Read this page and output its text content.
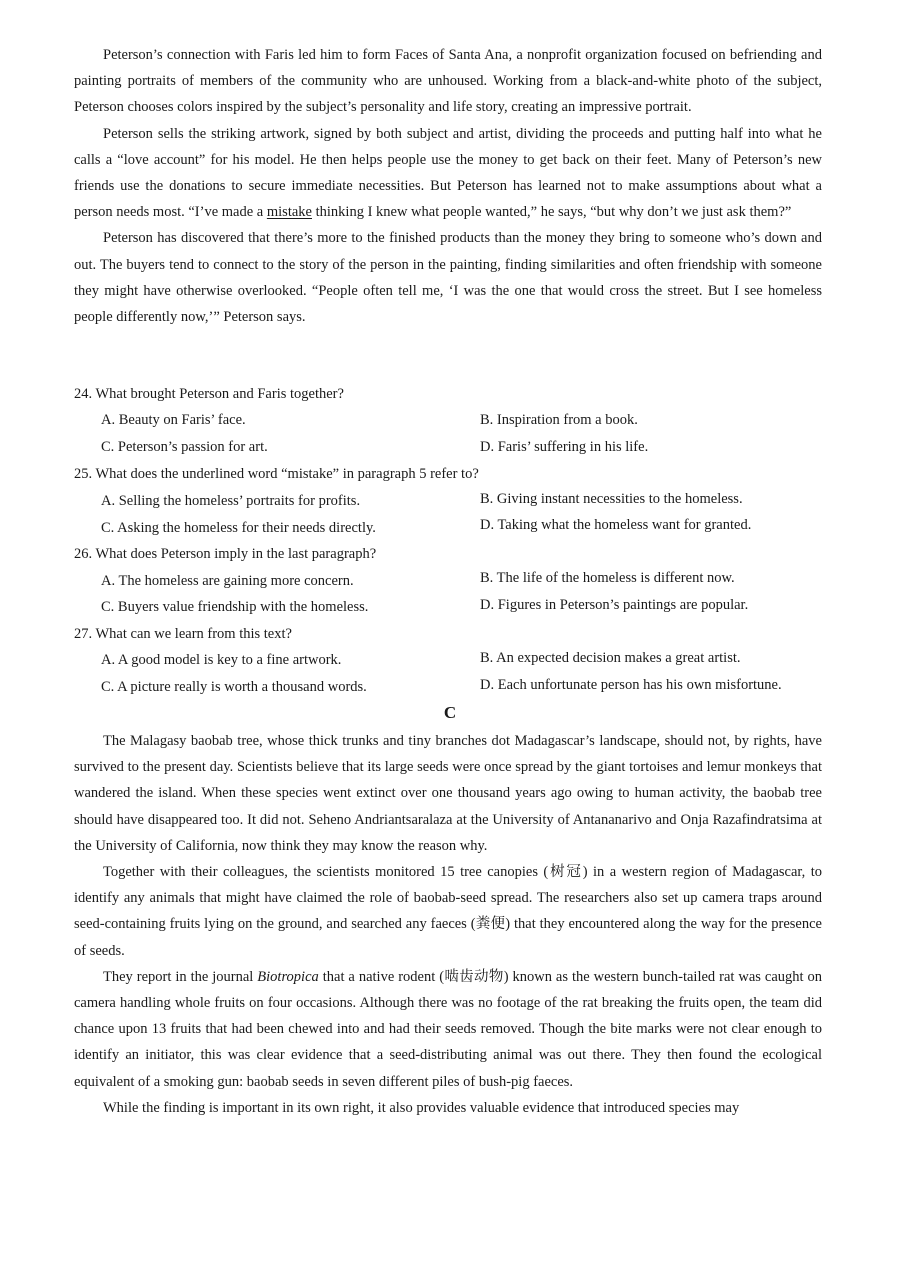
Peterson’s connection with Faris led him to form Faces of Santa Ana, a nonprofit organization focused on befriending and painting portraits of members of the community who are unhoused. Working from a black-and-white photo of the subject, Peterson chooses colors inspired by the subject’s personality and life story, creating an impressive portrait.

Peterson sells the striking artwork, signed by both subject and artist, dividing the proceeds and putting half into what he calls a “love account” for his model. He then helps people use the money to get back on their feet. Many of Peterson’s new friends use the donations to secure immediate necessities. But Peterson has learned not to make assumptions about what a person needs most. “I’ve made a mistake thinking I knew what people wanted,” he says, “but why don’t we just ask them?”

Peterson has discovered that there’s more to the finished products than the money they bring to someone who’s down and out. The buyers tend to connect to the story of the person in the painting, finding similarities and often friendship with someone they might have otherwise overlooked. “People often tell me, ‘I was the one that would cross the street. But I see homeless people differently now,’” Peterson says.

24. What brought Peterson and Faris together?
A. Beauty on Faris’ face.	B. Inspiration from a book.
C. Peterson’s passion for art.	D. Faris’ suffering in his life.
25. What does the underlined word “mistake” in paragraph 5 refer to?
A. Selling the homeless’ portraits for profits.	B. Giving instant necessities to the homeless.
C. Asking the homeless for their needs directly.	D. Taking what the homeless want for granted.
26. What does Peterson imply in the last paragraph?
A. The homeless are gaining more concern.	B. The life of the homeless is different now.
C. Buyers value friendship with the homeless.	D. Figures in Peterson’s paintings are popular.
27. What can we learn from this text?
A. A good model is key to a fine artwork.	B. An expected decision makes a great artist.
C. A picture really is worth a thousand words.	D. Each unfortunate person has his own misfortune.
C

The Malagasy baobab tree, whose thick trunks and tiny branches dot Madagascar’s landscape, should not, by rights, have survived to the present day. Scientists believe that its large seeds were once spread by the giant tortoises and lemur monkeys that wandered the island. When these species went extinct over one thousand years ago owing to human activity, the baobab tree should have disappeared too. It did not. Seheno Andriantsaralaza at the University of Antananarivo and Onja Razafindratsima at the University of California, now think they may know the reason why.

Together with their colleagues, the scientists monitored 15 tree canopies (树冠) in a western region of Madagascar, to identify any animals that might have claimed the role of baobab-seed spread. The researchers also set up camera traps around seed-containing fruits lying on the ground, and searched any faeces (粪便) that they encountered along the way for the presence of seeds.

They report in the journal Biotropica that a native rodent (啮齿动物) known as the western bunch-tailed rat was caught on camera handling whole fruits on four occasions. Although there was no footage of the rat breaking the fruits open, the team did chance upon 13 fruits that had been chewed into and had their seeds removed. Though the bite marks were not clear enough to identify an initiator, this was clear evidence that a seed-distributing animal was out there. They then found the ecological equivalent of a smoking gun: baobab seeds in seven different piles of bush-pig faeces.

While the finding is important in its own right, it also provides valuable evidence that introduced species may
